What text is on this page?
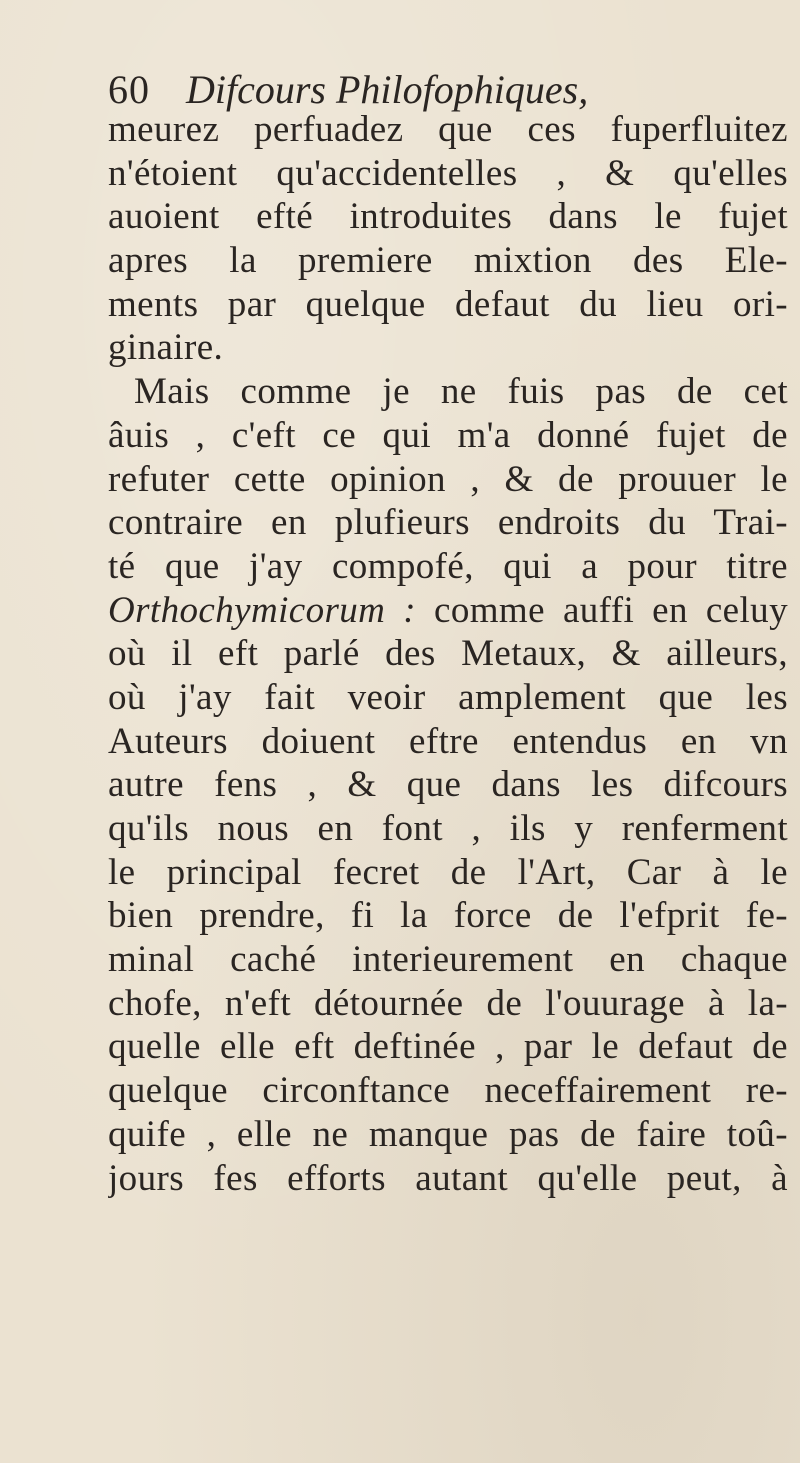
60 Difcours Philofophiques,
meurez perfuadez que ces fuperfluitez
n'étoient qu'accidentelles , & qu'elles
auoient efté introduites dans le fujet
apres la premiere mixtion des Ele-
ments par quelque defaut du lieu ori-
ginaire.
Mais comme je ne fuis pas de cet
âuis , c'eft ce qui m'a donné fujet de
refuter cette opinion , & de prouuer le
contraire en plufieurs endroits du Trai-
té que j'ay compofé, qui a pour titre
Orthochymicorum : comme auffi en celuy
où il eft parlé des Metaux, & ailleurs,
où j'ay fait veoir amplement que les
Auteurs doiuent eftre entendus en vn
autre fens , & que dans les difcours
qu'ils nous en font , ils y renferment
le principal fecret de l'Art, Car à le
bien prendre, fi la force de l'efprit fe-
minal caché interieurement en chaque
chofe, n'eft détournée de l'ouurage à la-
quelle elle eft deftinée , par le defaut de
quelque circonftance neceffairement re-
quife , elle ne manque pas de faire toû-
jours fes efforts autant qu'elle peut, à
